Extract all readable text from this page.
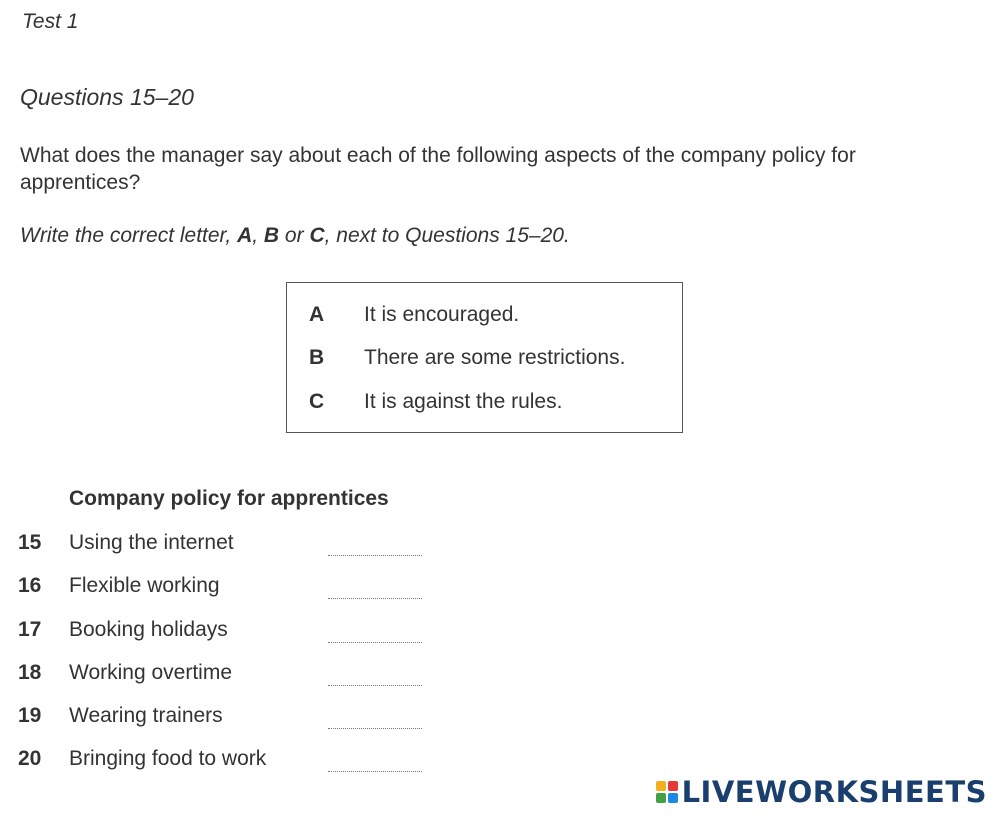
Test 1
Questions 15–20
What does the manager say about each of the following aspects of the company policy for apprentices?
Write the correct letter, A, B or C, next to Questions 15–20.
A It is encouraged.
B There are some restrictions.
C It is against the rules.
Company policy for apprentices
15 Using the internet
16 Flexible working
17 Booking holidays
18 Working overtime
19 Wearing trainers
20 Bringing food to work
LIVEWORKSHEETS
